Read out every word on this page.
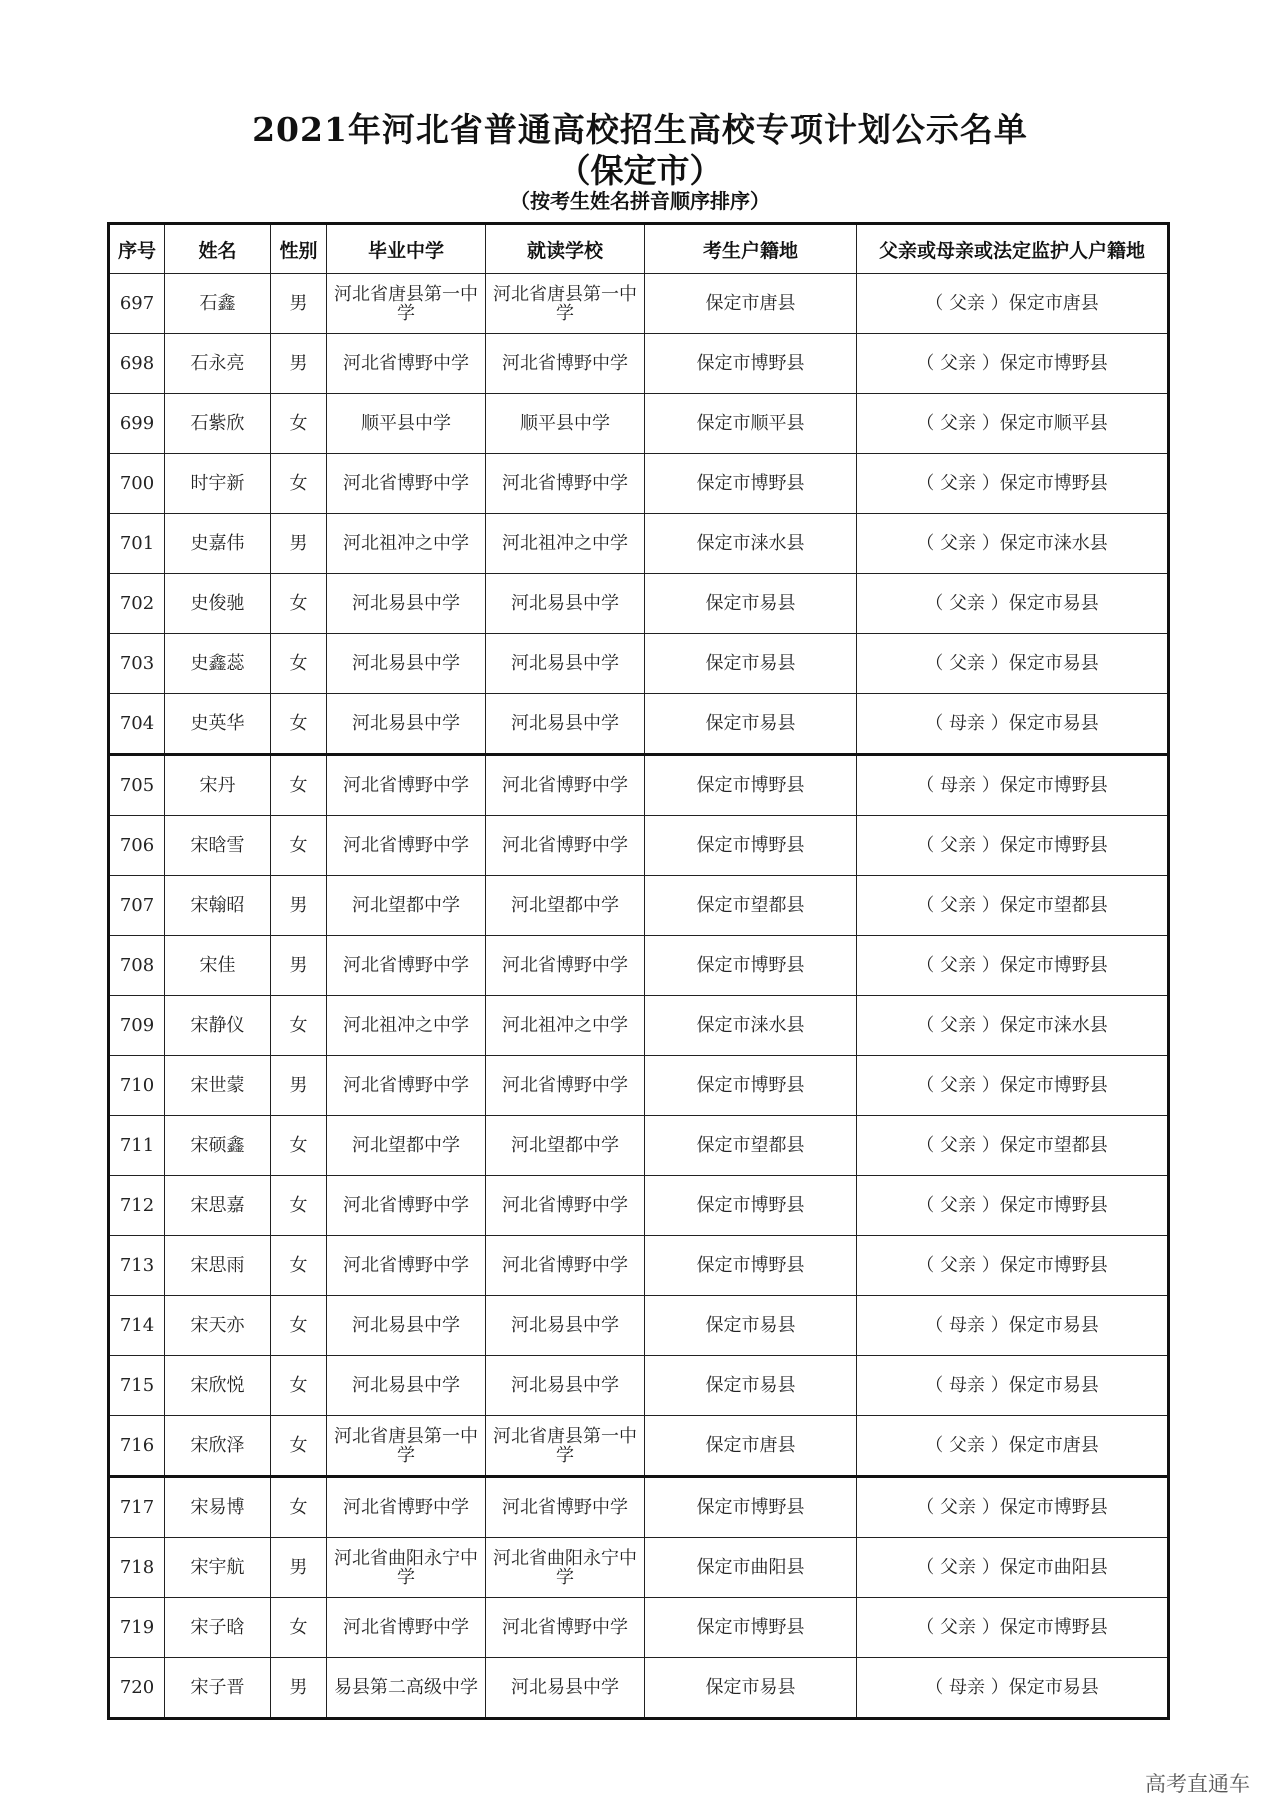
2021年河北省普通高校招生高校专项计划公示名单
（保定市）
（按考生姓名拼音顺序排序）
序号	姓名	性别	毕业中学	就读学校	考生户籍地	父亲或母亲或法定监护人户籍地
697	石鑫	男	河北省唐县第一中学	河北省唐县第一中学	保定市唐县	（ 父亲 ）保定市唐县
698	石永亮	男	河北省博野中学	河北省博野中学	保定市博野县	（ 父亲 ）保定市博野县
699	石紫欣	女	顺平县中学	顺平县中学	保定市顺平县	（ 父亲 ）保定市顺平县
700	时宇新	女	河北省博野中学	河北省博野中学	保定市博野县	（ 父亲 ）保定市博野县
701	史嘉伟	男	河北祖冲之中学	河北祖冲之中学	保定市涞水县	（ 父亲 ）保定市涞水县
702	史俊驰	女	河北易县中学	河北易县中学	保定市易县	（ 父亲 ）保定市易县
703	史鑫蕊	女	河北易县中学	河北易县中学	保定市易县	（ 父亲 ）保定市易县
704	史英华	女	河北易县中学	河北易县中学	保定市易县	（ 母亲 ）保定市易县
705	宋丹	女	河北省博野中学	河北省博野中学	保定市博野县	（ 母亲 ）保定市博野县
706	宋晗雪	女	河北省博野中学	河北省博野中学	保定市博野县	（ 父亲 ）保定市博野县
707	宋翰昭	男	河北望都中学	河北望都中学	保定市望都县	（ 父亲 ）保定市望都县
708	宋佳	男	河北省博野中学	河北省博野中学	保定市博野县	（ 父亲 ）保定市博野县
709	宋静仪	女	河北祖冲之中学	河北祖冲之中学	保定市涞水县	（ 父亲 ）保定市涞水县
710	宋世蒙	男	河北省博野中学	河北省博野中学	保定市博野县	（ 父亲 ）保定市博野县
711	宋硕鑫	女	河北望都中学	河北望都中学	保定市望都县	（ 父亲 ）保定市望都县
712	宋思嘉	女	河北省博野中学	河北省博野中学	保定市博野县	（ 父亲 ）保定市博野县
713	宋思雨	女	河北省博野中学	河北省博野中学	保定市博野县	（ 父亲 ）保定市博野县
714	宋天亦	女	河北易县中学	河北易县中学	保定市易县	（ 母亲 ）保定市易县
715	宋欣悦	女	河北易县中学	河北易县中学	保定市易县	（ 母亲 ）保定市易县
716	宋欣泽	女	河北省唐县第一中学	河北省唐县第一中学	保定市唐县	（ 父亲 ）保定市唐县
717	宋易博	女	河北省博野中学	河北省博野中学	保定市博野县	（ 父亲 ）保定市博野县
718	宋宇航	男	河北省曲阳永宁中学	河北省曲阳永宁中学	保定市曲阳县	（ 父亲 ）保定市曲阳县
719	宋子晗	女	河北省博野中学	河北省博野中学	保定市博野县	（ 父亲 ）保定市博野县
720	宋子晋	男	易县第二高级中学	河北易县中学	保定市易县	（ 母亲 ）保定市易县
高考直通车
